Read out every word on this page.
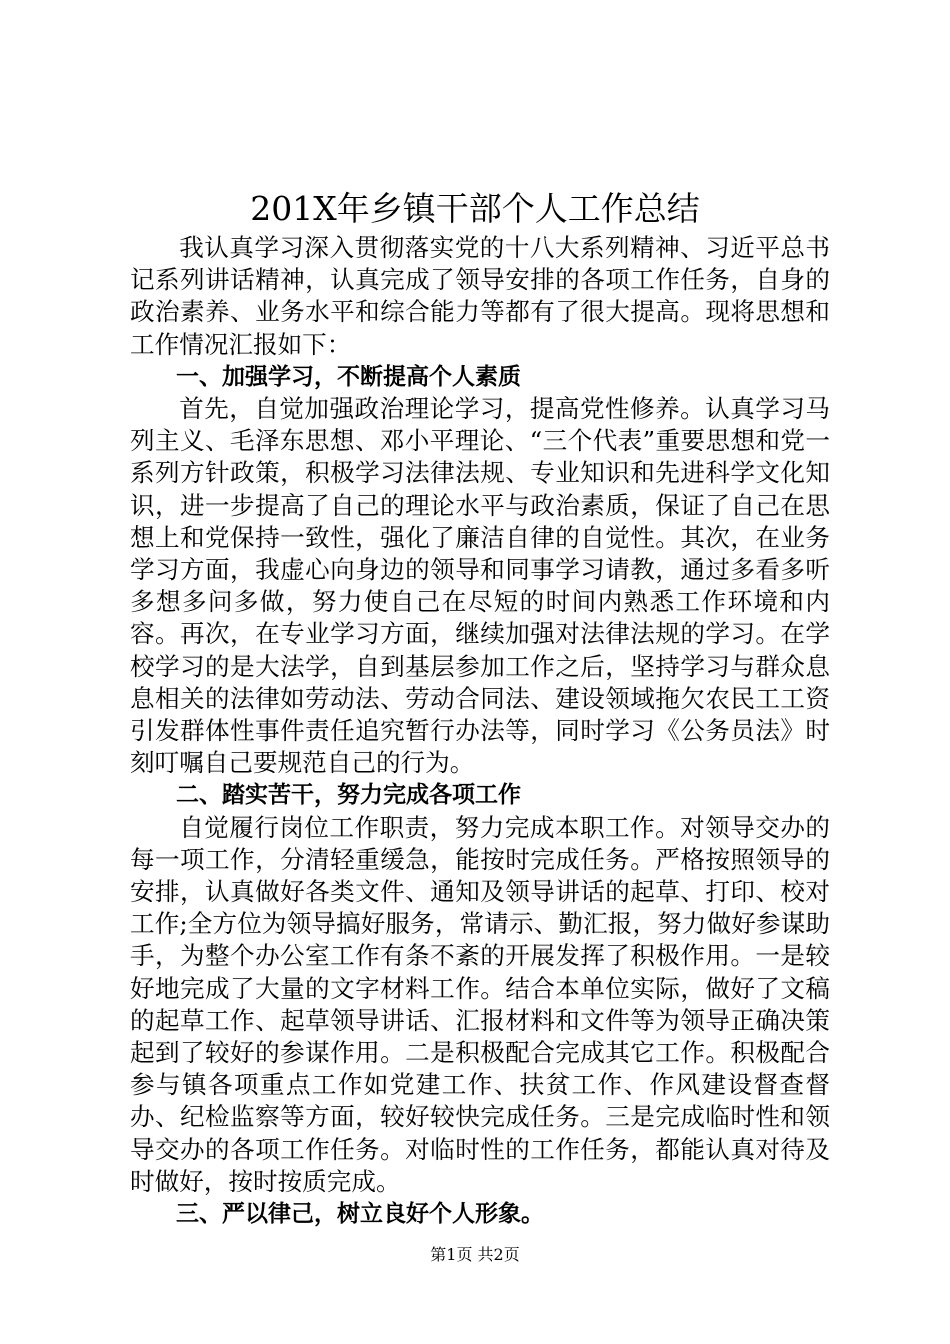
201X年乡镇干部个人工作总结

我认真学习深入贯彻落实党的十八大系列精神、习近平总书记系列讲话精神，认真完成了领导安排的各项工作任务，自身的政治素养、业务水平和综合能力等都有了很大提高。现将思想和工作情况汇报如下：

一、加强学习，不断提高个人素质

首先，自觉加强政治理论学习，提高党性修养。认真学习马列主义、毛泽东思想、邓小平理论、“三个代表”重要思想和党一系列方针政策，积极学习法律法规、专业知识和先进科学文化知识，进一步提高了自己的理论水平与政治素质，保证了自己在思想上和党保持一致性，强化了廉洁自律的自觉性。其次，在业务学习方面，我虚心向身边的领导和同事学习请教，通过多看多听多想多问多做，努力使自己在尽短的时间内熟悉工作环境和内容。再次，在专业学习方面，继续加强对法律法规的学习。在学校学习的是大法学，自到基层参加工作之后，坚持学习与群众息息相关的法律如劳动法、劳动合同法、建设领域拖欠农民工工资引发群体性事件责任追究暂行办法等，同时学习《公务员法》时刻叮嘱自己要规范自己的行为。

二、踏实苦干，努力完成各项工作

自觉履行岗位工作职责，努力完成本职工作。对领导交办的每一项工作，分清轻重缓急，能按时完成任务。严格按照领导的安排，认真做好各类文件、通知及领导讲话的起草、打印、校对工作;全方位为领导搞好服务，常请示、勤汇报，努力做好参谋助手，为整个办公室工作有条不紊的开展发挥了积极作用。一是较好地完成了大量的文字材料工作。结合本单位实际，做好了文稿的起草工作、起草领导讲话、汇报材料和文件等为领导正确决策起到了较好的参谋作用。二是积极配合完成其它工作。积极配合参与镇各项重点工作如党建工作、扶贫工作、作风建设督查督办、纪检监察等方面，较好较快完成任务。三是完成临时性和领导交办的各项工作任务。对临时性的工作任务，都能认真对待及时做好，按时按质完成。

三、严以律己，树立良好个人形象。

第1页 共2页
